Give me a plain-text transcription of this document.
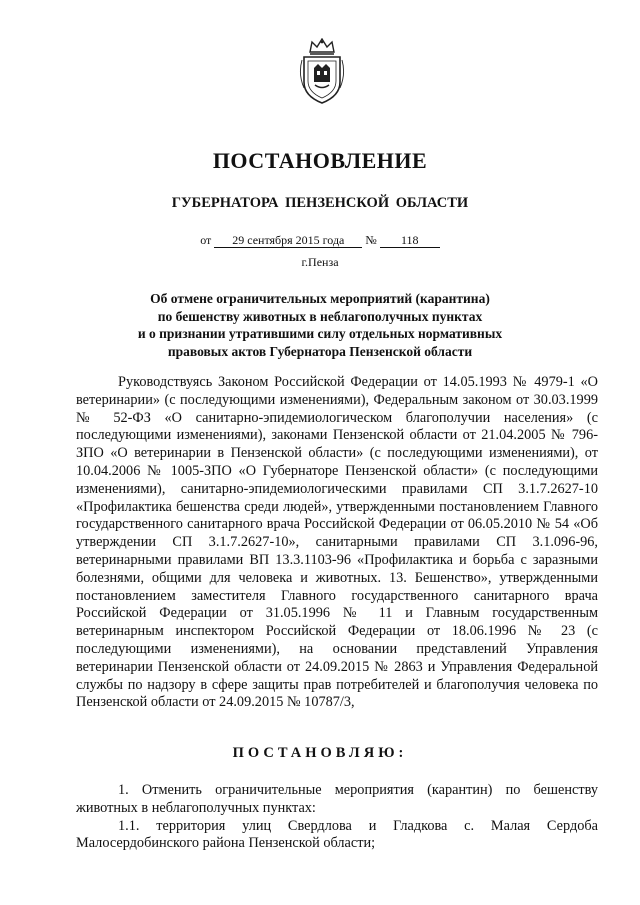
ПОСТАНОВЛЕНИЕ
ГУБЕРНАТОРА ПЕНЗЕНСКОЙ ОБЛАСТИ
от 29 сентября 2015 года № 118
г.Пенза
Об отмене ограничительных мероприятий (карантина)
по бешенству животных в неблагополучных пунктах
и о признании утратившими силу отдельных нормативных
правовых актов Губернатора Пензенской области

Руководствуясь Законом Российской Федерации от 14.05.1993 № 4979-1 «О ветеринарии» (с последующими изменениями), Федеральным законом от 30.03.1999 № 52-ФЗ «О санитарно-эпидемиологическом благополучии населения» (с последующими изменениями), законами Пензенской области от 21.04.2005 № 796-ЗПО «О ветеринарии в Пензенской области» (с последующими изменениями), от 10.04.2006 № 1005-ЗПО «О Губернаторе Пензенской области» (с последующими изменениями), санитарно-эпидемиологическими правилами СП 3.1.7.2627-10 «Профилактика бешенства среди людей», утвержденными постановлением Главного государственного санитарного врача Российской Федерации от 06.05.2010 № 54 «Об утверждении СП 3.1.7.2627-10», санитарными правилами СП 3.1.096-96, ветеринарными правилами ВП 13.3.1103-96 «Профилактика и борьба с заразными болезнями, общими для человека и животных. 13. Бешенство», утвержденными постановлением заместителя Главного государственного санитарного врача Российской Федерации от 31.05.1996 № 11 и Главным государственным ветеринарным инспектором Российской Федерации от 18.06.1996 № 23 (с последующими изменениями), на основании представлений Управления ветеринарии Пензенской области от 24.09.2015 № 2863 и Управления Федеральной службы по надзору в сфере защиты прав потребителей и благополучия человека по Пензенской области от 24.09.2015 № 10787/3,

ПОСТАНОВЛЯЮ:

1. Отменить ограничительные мероприятия (карантин) по бешенству животных в неблагополучных пунктах:

1.1. территория улиц Свердлова и Гладкова с. Малая Сердоба Малосердобинского района Пензенской области;
